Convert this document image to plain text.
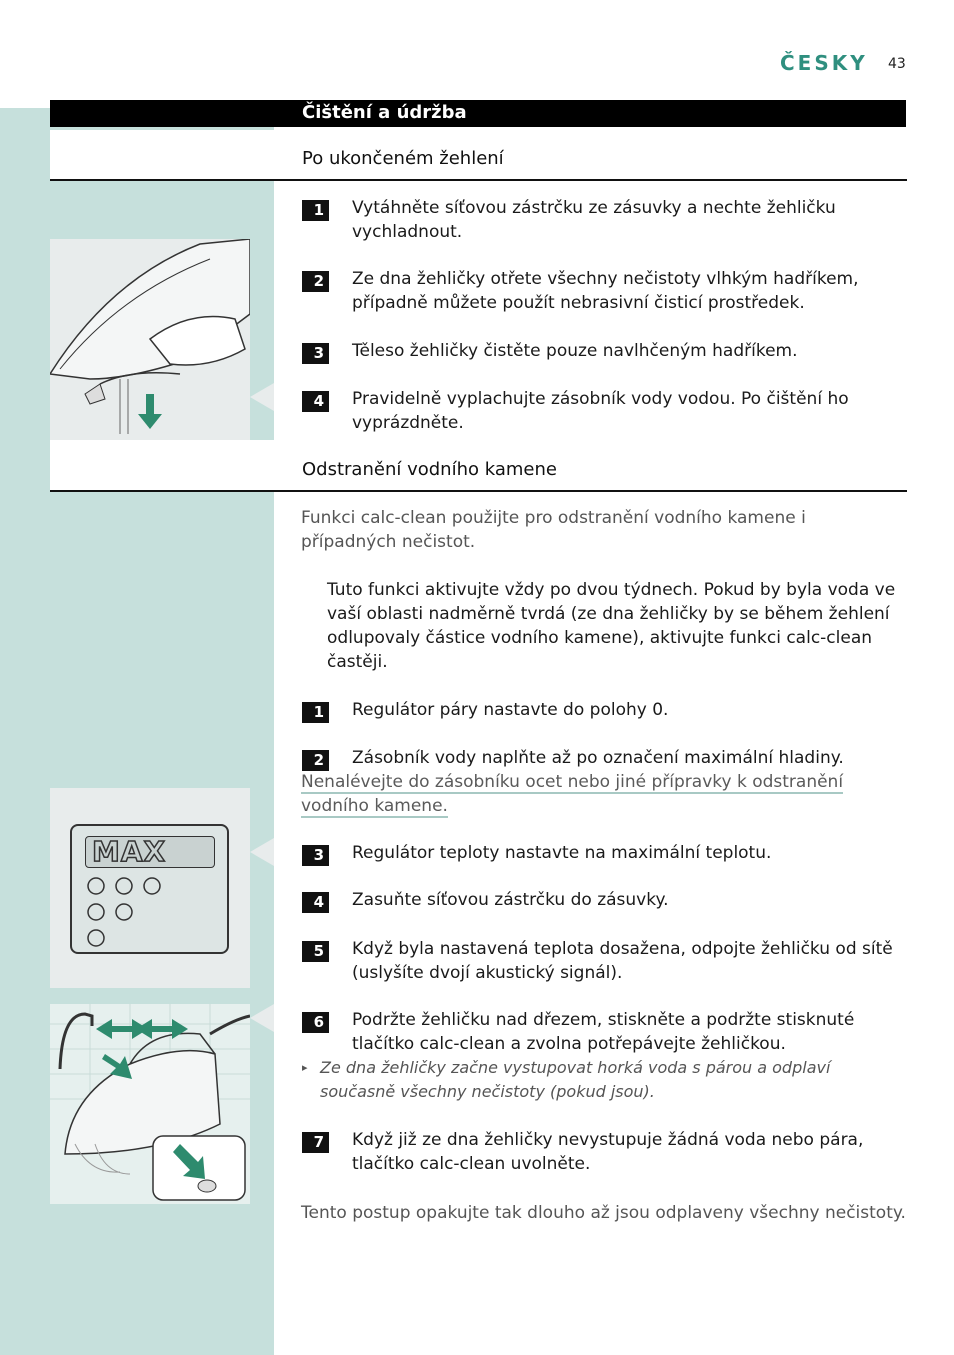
ČESKY 43
Čištění a údržba
Po ukončeném žehlení
1 Vytáhněte síťovou zástrčku ze zásuvky a nechte žehličku vychladnout.
2 Ze dna žehličky otřete všechny nečistoty vlhkým hadříkem, případně můžete použít nebrasivní čisticí prostředek.
3 Těleso žehličky čistěte pouze navlhčeným hadříkem.
4 Pravidelně vyplachujte zásobník vody vodou. Po čištění ho vyprázdněte.
Odstranění vodního kamene
Funkci calc-clean použijte pro odstranění vodního kamene i případných nečistot.
Tuto funkci aktivujte vždy po dvou týdnech. Pokud by byla voda ve vaší oblasti nadměrně tvrdá (ze dna žehličky by se během žehlení odlupovaly částice vodního kamene), aktivujte funkci calc-clean častěji.
1 Regulátor páry nastavte do polohy 0.
2 Zásobník vody naplňte až po označení maximální hladiny.
Nenalévejte do zásobníku ocet nebo jiné přípravky k odstranění vodního kamene.
3 Regulátor teploty nastavte na maximální teplotu.
4 Zasuňte síťovou zástrčku do zásuvky.
5 Když byla nastavená teplota dosažena, odpojte žehličku od sítě (uslyšíte dvojí akustický signál).
6 Podržte žehličku nad dřezem, stiskněte a podržte stisknuté tlačítko calc-clean a zvolna potřepávejte žehličkou.
▸ Ze dna žehličky začne vystupovat horká voda s párou a odplaví současně všechny nečistoty (pokud jsou).
7 Když již ze dna žehličky nevystupuje žádná voda nebo pára, tlačítko calc-clean uvolněte.
Tento postup opakujte tak dlouho až jsou odplaveny všechny nečistoty.
MAX
